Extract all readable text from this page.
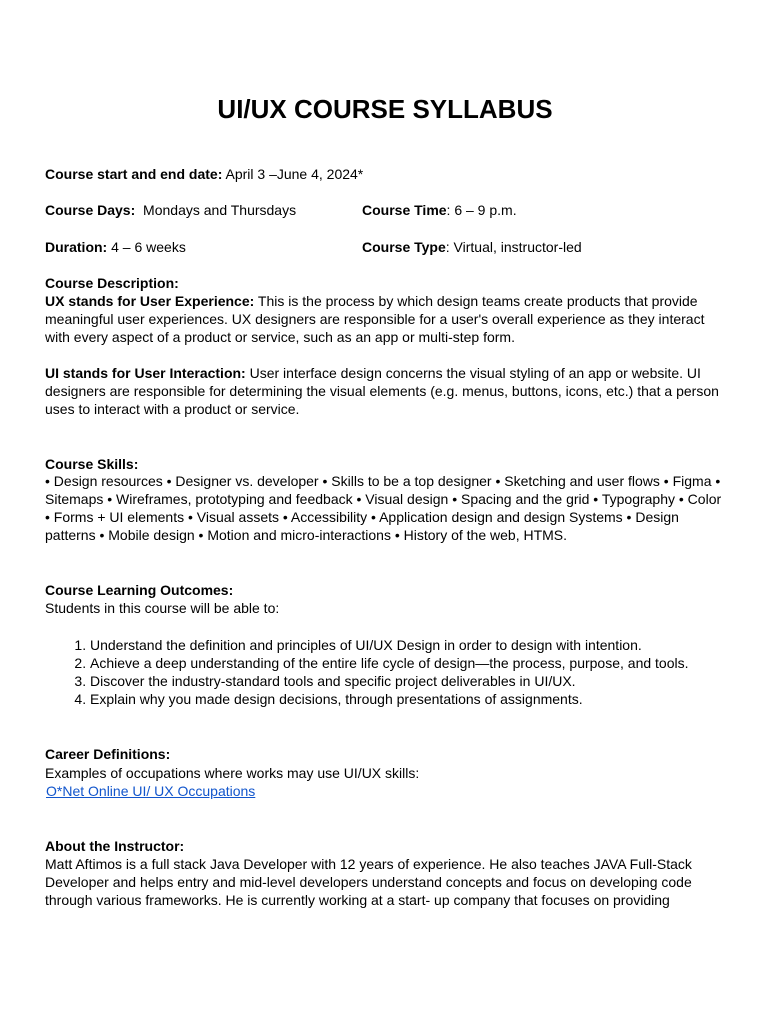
UI/UX COURSE SYLLABUS
Course start and end date: April 3 –June 4, 2024*
Course Days:  Mondays and Thursdays	Course Time: 6 – 9 p.m.
Duration: 4 – 6 weeks	Course Type: Virtual, instructor-led
Course Description:

UX stands for User Experience: This is the process by which design teams create products that provide meaningful user experiences. UX designers are responsible for a user's overall experience as they interact with every aspect of a product or service, such as an app or multi-step form.

UI stands for User Interaction: User interface design concerns the visual styling of an app or website. UI designers are responsible for determining the visual elements (e.g. menus, buttons, icons, etc.) that a person uses to interact with a product or service.

Course Skills:

• Design resources • Designer vs. developer • Skills to be a top designer • Sketching and user flows • Figma • Sitemaps • Wireframes, prototyping and feedback • Visual design • Spacing and the grid • Typography • Color • Forms + UI elements • Visual assets • Accessibility • Application design and design Systems • Design patterns • Mobile design • Motion and micro-interactions • History of the web, HTMS.

Course Learning Outcomes:
Students in this course will be able to:
1. Understand the definition and principles of UI/UX Design in order to design with intention.
2. Achieve a deep understanding of the entire life cycle of design—the process, purpose, and tools.
3. Discover the industry-standard tools and specific project deliverables in UI/UX.
4. Explain why you made design decisions, through presentations of assignments.
Career Definitions:
Examples of occupations where works may use UI/UX skills:
O*Net Online UI/ UX Occupations
About the Instructor:

Matt Aftimos is a full stack Java Developer with 12 years of experience. He also teaches JAVA Full-Stack Developer and helps entry and mid-level developers understand concepts and focus on developing code through various frameworks. He is currently working at a start- up company that focuses on providing
